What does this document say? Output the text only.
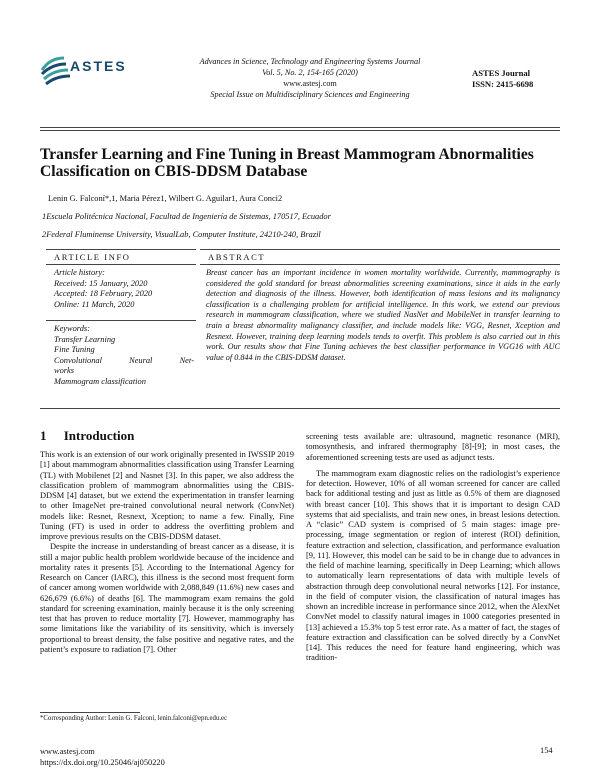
ASTES	Advances in Science, Technology and Engineering Systems Journal
Vol. 5, No. 2, 154-165 (2020)
www.astesj.com
Special Issue on Multidisciplinary Sciences and Engineering
ASTES Journal
ISSN: 2415-6698
Transfer Learning and Fine Tuning in Breast Mammogram Abnormalities
Classification on CBIS-DDSM Database
Lenin G. Falconí*,1, Maria Pérez1, Wilbert G. Aguilar1, Aura Conci2
1Escuela Politécnica Nacional, Facultad de Ingeniería de Sistemas, 170517, Ecuador
2Federal Fluminense University, VisualLab, Computer Institute, 24210-240, Brazil
ARTICLE INFO	ABSTRACT
Article history:
Received: 15 January, 2020
Accepted: 18 February, 2020
Online: 11 March, 2020
Keywords:
Transfer Learning
Fine Tuning
Convolutional Neural Net-
works
Mammogram classification
Breast cancer has an important incidence in women mortality worldwide. Currently, mammography is considered the gold standard for breast abnormalities screening examinations, since it aids in the early detection and diagnosis of the illness. However, both identification of mass lesions and its malignancy classification is a challenging problem for artificial intelligence. In this work, we extend our previous research in mammogram classification, where we studied NasNet and MobileNet in transfer learning to train a breast abnormality malignancy classifier, and include models like: VGG, Resnet, Xception and Resnext. However, training deep learning models tends to overfit. This problem is also carried out in this work. Our results show that Fine Tuning achieves the best classifier performance in VGG16 with AUC value of 0.844 in the CBIS-DDSM dataset.
1 Introduction

This work is an extension of our work originally presented in IWSSIP 2019 [1] about mammogram abnormalities classification using Transfer Learning (TL) with Mobilenet [2] and Nasnet [3]. In this paper, we also address the classification problem of mammogram abnormalities using the CBIS-DDSM [4] dataset, but we extend the experimentation in transfer learning to other ImageNet pre-trained convolutional neural network (ConvNet) models like: Resnet, Resnext, Xception; to name a few. Finally, Fine Tuning (FT) is used in order to address the overfitting problem and improve previous results on the CBIS-DDSM dataset.

Despite the increase in understanding of breast cancer as a disease, it is still a major public health problem worldwide because of the incidence and mortality rates it presents [5]. According to the International Agency for Research on Cancer (IARC), this illness is the second most frequent form of cancer among women worldwide with 2,088,849 (11.6%) new cases and 626,679 (6.6%) of deaths [6]. The mammogram exam remains the gold standard for screening examination, mainly because it is the only screening test that has proven to reduce mortality [7]. However, mammography has some limitations like the variability of its sensitivity, which is inversely proportional to breast density, the false positive and negative rates, and the patient’s exposure to radiation [7]. Other

screening tests available are: ultrasound, magnetic resonance (MRI), tomosynthesis, and infrared thermography [8]-[9]; in most cases, the aforementioned screening tests are used as adjunct tests.

The mammogram exam diagnostic relies on the radiologist’s experience for detection. However, 10% of all woman screened for cancer are called back for additional testing and just as little as 0.5% of them are diagnosed with breast cancer [10]. This shows that it is important to design CAD systems that aid specialists, and train new ones, in breast lesions detection. A “clasic” CAD system is comprised of 5 main stages: image pre-processing, image segmentation or region of interest (ROI) definition, feature extraction and selection, classification, and performance evaluation [9, 11]. However, this model can be said to be in change due to advances in the field of machine learning, specifically in Deep Learning; which allows to automatically learn representations of data with multiple levels of abstraction through deep convolutional neural networks [12]. For instance, in the field of computer vision, the classification of natural images has shown an incredible increase in performance since 2012, when the AlexNet ConvNet model to classify natural images in 1000 categories presented in [13] achieved a 15.3% top 5 test error rate. As a matter of fact, the stages of feature extraction and classification can be solved directly by a ConvNet [14]. This reduces the need for feature hand engineering, which was tradition-

*Corresponding Author: Lenin G. Falconí, lenin.falconi@epn.edu.ec
www.astesj.com
https://dx.doi.org/10.25046/aj050220
154
